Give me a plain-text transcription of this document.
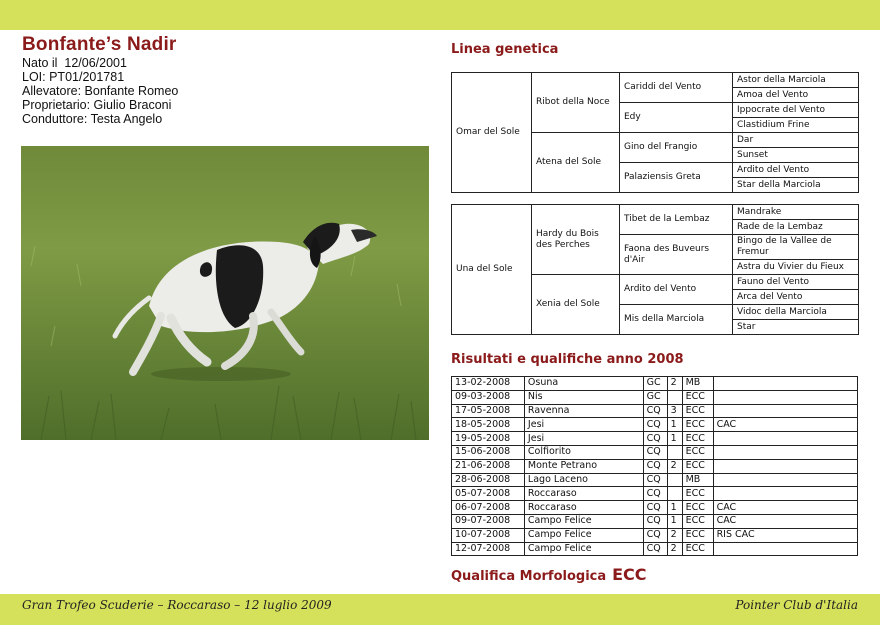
Bonfante’s Nadir
Nato il  12/06/2001
LOI: PT01/201781
Allevatore: Bonfante Romeo
Proprietario: Giulio Braconi
Conduttore: Testa Angelo
Linea genetica
Omar del Sole	Ribot della Noce	Cariddi del Vento	Astor della Marciola
			Amoa del Vento
		Edy	Ippocrate del Vento
			Clastidium Frine
	Atena del Sole	Gino del Frangio	Dar
			Sunset
		Palaziensis Greta	Ardito del Vento
			Star della Marciola
Una del Sole	Hardy du Bois des Perches	Tibet de la Lembaz	Mandrake
			Rade de la Lembaz
		Faona des Buveurs d'Air	Bingo de la Vallee de Fremur
			Astra du Vivier du Fieux
	Xenia del Sole	Ardito del Vento	Fauno del Vento
			Arca del Vento
		Mis della Marciola	Vidoc della Marciola
			Star
Risultati e qualifiche anno 2008
13-02-2008	Osuna	GC	2	MB	
09-03-2008	Nis	GC		ECC	
17-05-2008	Ravenna	CQ	3	ECC	
18-05-2008	Jesi	CQ	1	ECC	CAC
19-05-2008	Jesi	CQ	1	ECC	
15-06-2008	Colfiorito	CQ		ECC	
21-06-2008	Monte Petrano	CQ	2	ECC	
28-06-2008	Lago Laceno	CQ		MB	
05-07-2008	Roccaraso	CQ		ECC	
06-07-2008	Roccaraso	CQ	1	ECC	CAC
09-07-2008	Campo Felice	CQ	1	ECC	CAC
10-07-2008	Campo Felice	CQ	2	ECC	RIS CAC
12-07-2008	Campo Felice	CQ	2	ECC	
Qualifica Morfologica ECC
Gran Trofeo Scuderie – Roccaraso – 12 luglio 2009	Pointer Club d'Italia
